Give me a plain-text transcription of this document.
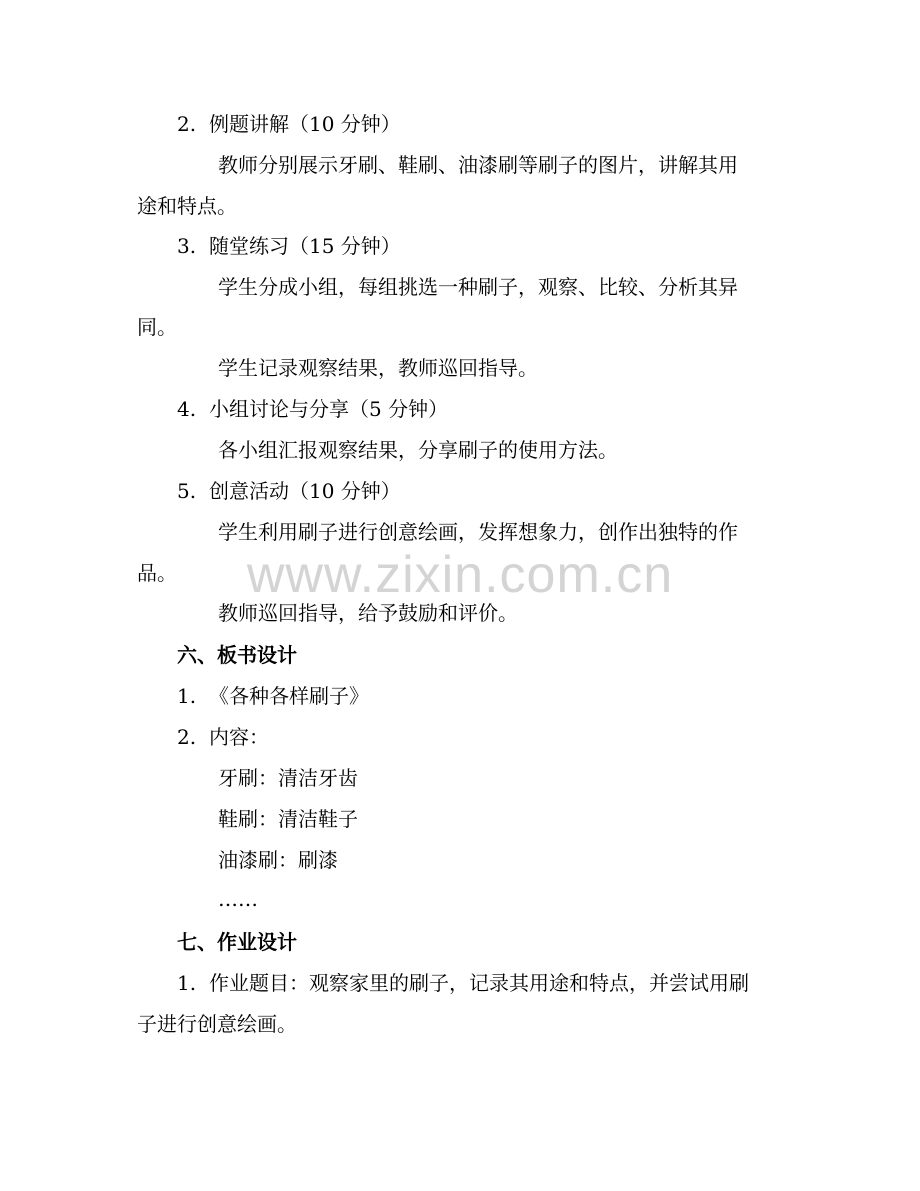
www.zixin.com.cn
2. 例题讲解（10 分钟）
教师分别展示牙刷、鞋刷、油漆刷等刷子的图片，讲解其用
途和特点。
3. 随堂练习（15 分钟）
学生分成小组，每组挑选一种刷子，观察、比较、分析其异
同。
学生记录观察结果，教师巡回指导。
4. 小组讨论与分享（5 分钟）
各小组汇报观察结果，分享刷子的使用方法。
5. 创意活动（10 分钟）
学生利用刷子进行创意绘画，发挥想象力，创作出独特的作
品。
教师巡回指导，给予鼓励和评价。
六、板书设计
1. 《各种各样刷子》
2. 内容：
牙刷：清洁牙齿
鞋刷：清洁鞋子
油漆刷：刷漆
……
七、作业设计
1. 作业题目：观察家里的刷子，记录其用途和特点，并尝试用刷
子进行创意绘画。
